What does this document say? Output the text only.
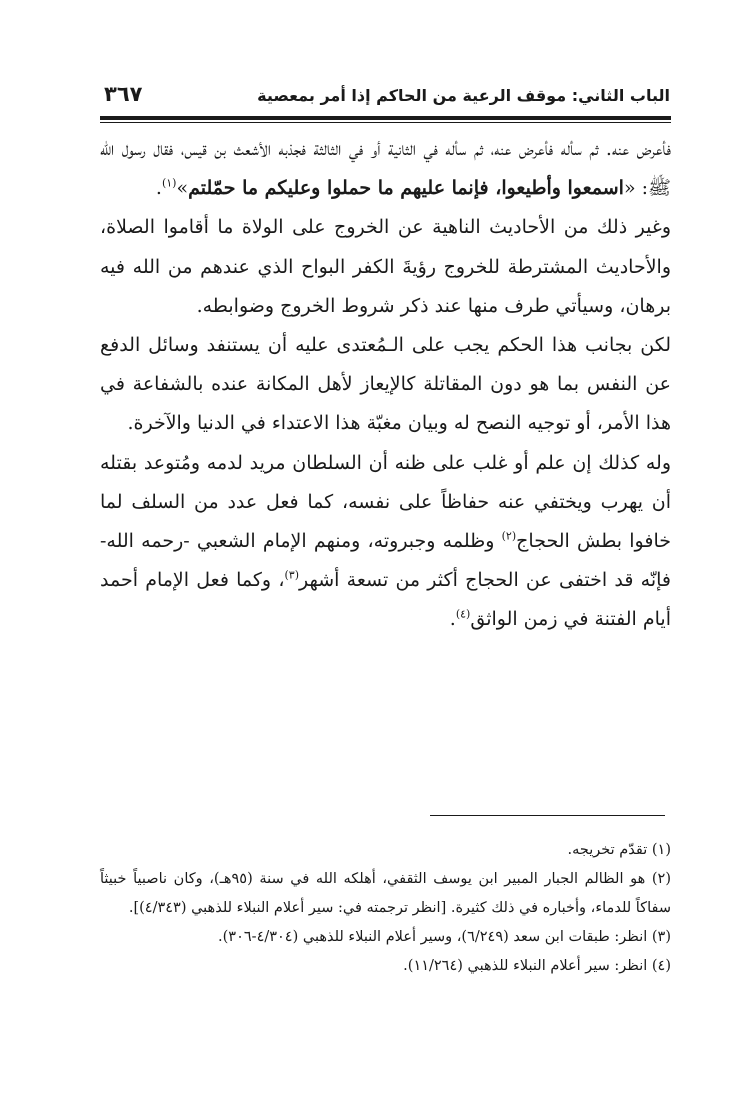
الباب الثاني: موقف الرعية من الحاكم إذا أمر بمعصية
٣٦٧

فأعرض عنه. ثم سأله فأعرض عنه، ثم سأله في الثانية أو في الثالثة فجذبه الأشعث بن قيس، فقال رسول الله ﷺ: «اسمعوا وأطيعوا، فإنما عليهم ما حملوا وعليكم ما حمّلتم»$^{(١)}$.

وغير ذلك من الأحاديث الناهية عن الخروج على الولاة ما أقاموا الصلاة، والأحاديث المشترطة للخروج رؤيةَ الكفر البواح الذي عندهم من الله فيه برهان، وسيأتي طرف منها عند ذكر شروط الخروج وضوابطه.

لكن بجانب هذا الحكم يجب على الـمُعتدى عليه أن يستنفد وسائل الدفع عن النفس بما هو دون المقاتلة كالإيعاز لأهل المكانة عنده بالشفاعة في هذا الأمر، أو توجيه النصح له وبيان مغبّة هذا الاعتداء في الدنيا والآخرة.

وله كذلك إن علم أو غلب على ظنه أن السلطان مريد لدمه ومُتوعد بقتله أن يهرب ويختفي عنه حفاظاً على نفسه، كما فعل عدد من السلف لما خافوا بطش الحجاج$^{(٢)}$ وظلمه وجبروته، ومنهم الإمام الشعبي -رحمه الله- فإنّه قد اختفى عن الحجاج أكثر من تسعة أشهر$^{(٣)}$، وكما فعل الإمام أحمد أيام الفتنة في زمن الواثق$^{(٤)}$.

(١) تقدّم تخريجه.

(٢) هو الظالم الجبار المبير ابن يوسف الثقفي، أهلكه الله في سنة (٩٥هـ)، وكان ناصبياً خبيثاً سفاكاً للدماء، وأخباره في ذلك كثيرة. [انظر ترجمته في: سير أعلام النبلاء للذهبي (٤/٣٤٣)].

(٣) انظر: طبقات ابن سعد (٦/٢٤٩)، وسير أعلام النبلاء للذهبي (٤/٣٠٤-٣٠٦).

(٤) انظر: سير أعلام النبلاء للذهبي (١١/٢٦٤).
